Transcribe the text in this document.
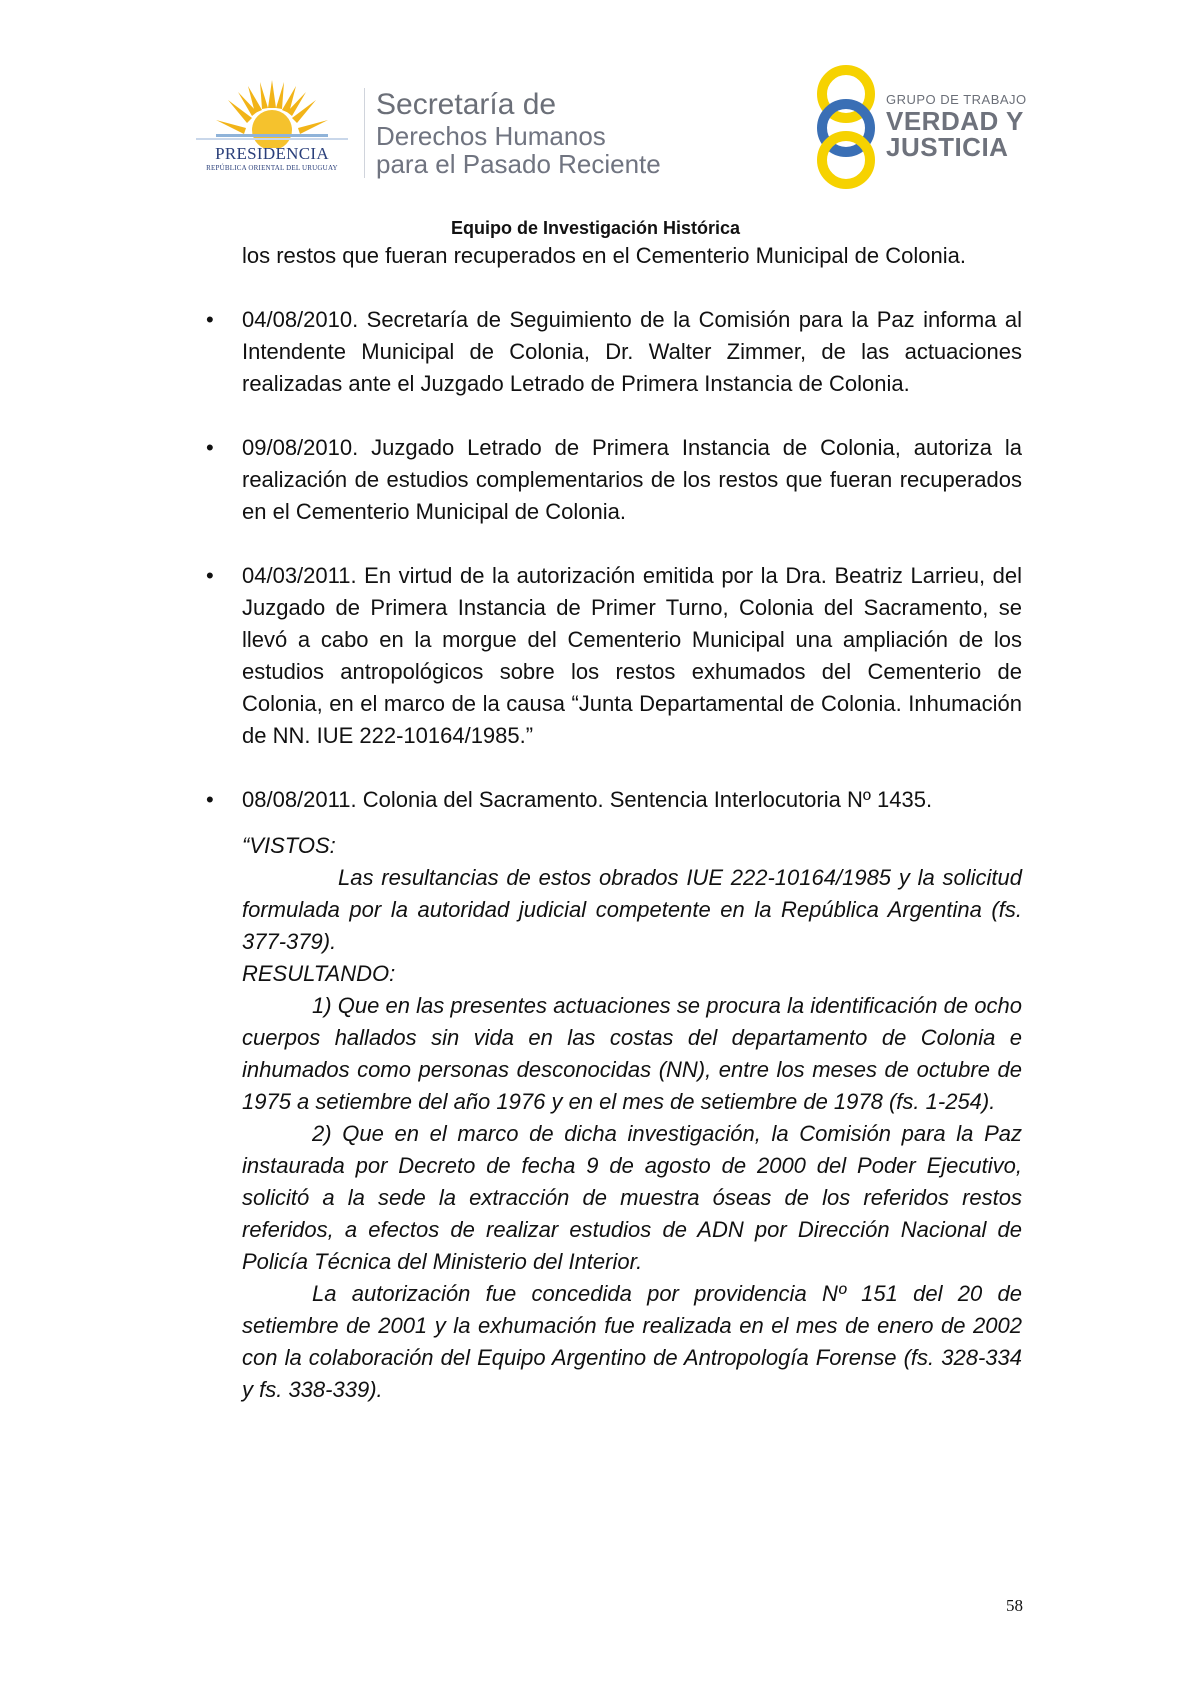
PRESIDENCIA
REPÚBLICA ORIENTAL DEL URUGUAY
Secretaría de
Derechos Humanos
para el Pasado Reciente
GRUPO DE TRABAJO
VERDAD Y
JUSTICIA
Equipo de Investigación Histórica

los restos que fueran recuperados en el Cementerio Municipal de Colonia.

• 04/08/2010. Secretaría de Seguimiento de la Comisión para la Paz informa al Intendente Municipal de Colonia, Dr. Walter Zimmer, de las actuaciones realizadas ante el Juzgado Letrado de Primera Instancia de Colonia.

• 09/08/2010. Juzgado Letrado de Primera Instancia de Colonia, autoriza la realización de estudios complementarios de los restos que fueran recuperados en el Cementerio Municipal de Colonia.

• 04/03/2011. En virtud de la autorización emitida por la Dra. Beatriz Larrieu, del Juzgado de Primera Instancia de Primer Turno, Colonia del Sacramento, se llevó a cabo en la morgue del Cementerio Municipal una ampliación de los estudios antropológicos sobre los restos exhumados del Cementerio de Colonia, en el marco de la causa “Junta Departamental de Colonia. Inhumación de NN. IUE 222-10164/1985.”

• 08/08/2011. Colonia del Sacramento. Sentencia Interlocutoria Nº 1435.

“VISTOS:

Las resultancias de estos obrados IUE 222-10164/1985 y la solicitud formulada por la autoridad judicial competente en la República Argentina (fs. 377-379).

RESULTANDO:

1) Que en las presentes actuaciones se procura la identificación de ocho cuerpos hallados sin vida en las costas del departamento de Colonia e inhumados como personas desconocidas (NN), entre los meses de octubre de 1975 a setiembre del año 1976 y en el mes de setiembre de 1978 (fs. 1-254).

2) Que en el marco de dicha investigación, la Comisión para la Paz instaurada por Decreto de fecha 9 de agosto de 2000 del Poder Ejecutivo, solicitó a la sede la extracción de muestra óseas de los referidos restos referidos, a efectos de realizar estudios de ADN por Dirección Nacional de Policía Técnica del Ministerio del Interior.

La autorización fue concedida por providencia Nº 151 del 20 de setiembre de 2001 y la exhumación fue realizada en el mes de enero de 2002 con la colaboración del Equipo Argentino de Antropología Forense (fs. 328-334 y fs. 338-339).

58
